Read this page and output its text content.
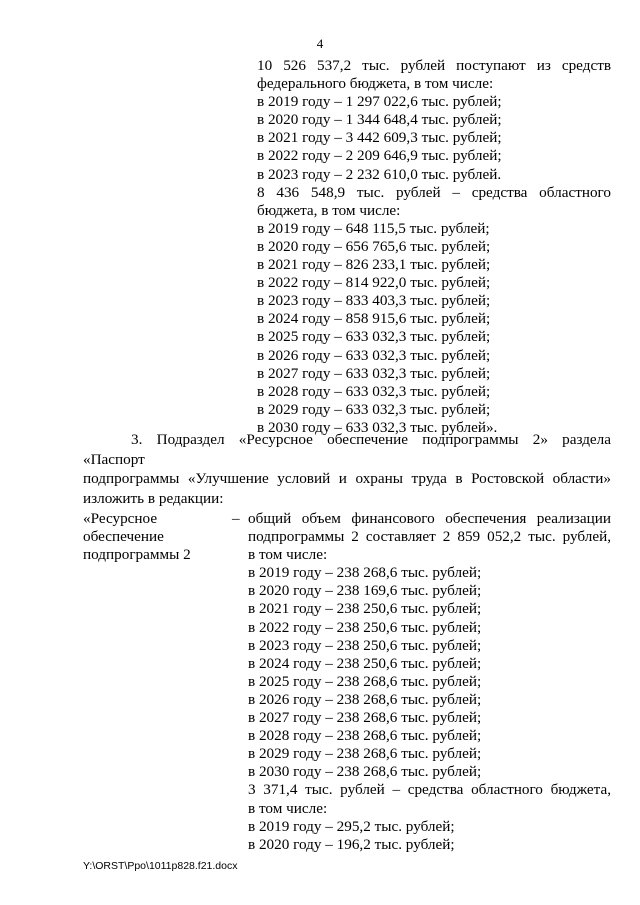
4
10 526 537,2 тыс. рублей поступают из средств
федерального бюджета, в том числе:
в 2019 году – 1 297 022,6 тыс. рублей;
в 2020 году – 1 344 648,4 тыс. рублей;
в 2021 году – 3 442 609,3 тыс. рублей;
в 2022 году – 2 209 646,9 тыс. рублей;
в 2023 году – 2 232 610,0 тыс. рублей.
8 436 548,9 тыс. рублей – средства областного
бюджета, в том числе:
в 2019 году – 648 115,5 тыс. рублей;
в 2020 году – 656 765,6 тыс. рублей;
в 2021 году – 826 233,1 тыс. рублей;
в 2022 году – 814 922,0 тыс. рублей;
в 2023 году – 833 403,3 тыс. рублей;
в 2024 году – 858 915,6 тыс. рублей;
в 2025 году – 633 032,3 тыс. рублей;
в 2026 году – 633 032,3 тыс. рублей;
в 2027 году – 633 032,3 тыс. рублей;
в 2028 году – 633 032,3 тыс. рублей;
в 2029 году – 633 032,3 тыс. рублей;
в 2030 году – 633 032,3 тыс. рублей».
3. Подраздел «Ресурсное обеспечение подпрограммы 2» раздела «Паспорт
подпрограммы «Улучшение условий и охраны труда в Ростовской области»
изложить в редакции:
«Ресурсное
обеспечение
подпрограммы 2
– общий объем финансового обеспечения реализации
подпрограммы 2 составляет 2 859 052,2 тыс. рублей,
в том числе:
в 2019 году – 238 268,6 тыс. рублей;
в 2020 году – 238 169,6 тыс. рублей;
в 2021 году – 238 250,6 тыс. рублей;
в 2022 году – 238 250,6 тыс. рублей;
в 2023 году – 238 250,6 тыс. рублей;
в 2024 году – 238 250,6 тыс. рублей;
в 2025 году – 238 268,6 тыс. рублей;
в 2026 году – 238 268,6 тыс. рублей;
в 2027 году – 238 268,6 тыс. рублей;
в 2028 году – 238 268,6 тыс. рублей;
в 2029 году – 238 268,6 тыс. рублей;
в 2030 году – 238 268,6 тыс. рублей;
3 371,4 тыс. рублей – средства областного бюджета,
в том числе:
в 2019 году – 295,2 тыс. рублей;
в 2020 году – 196,2 тыс. рублей;
Y:\ORST\Ppo\1011p828.f21.docx
